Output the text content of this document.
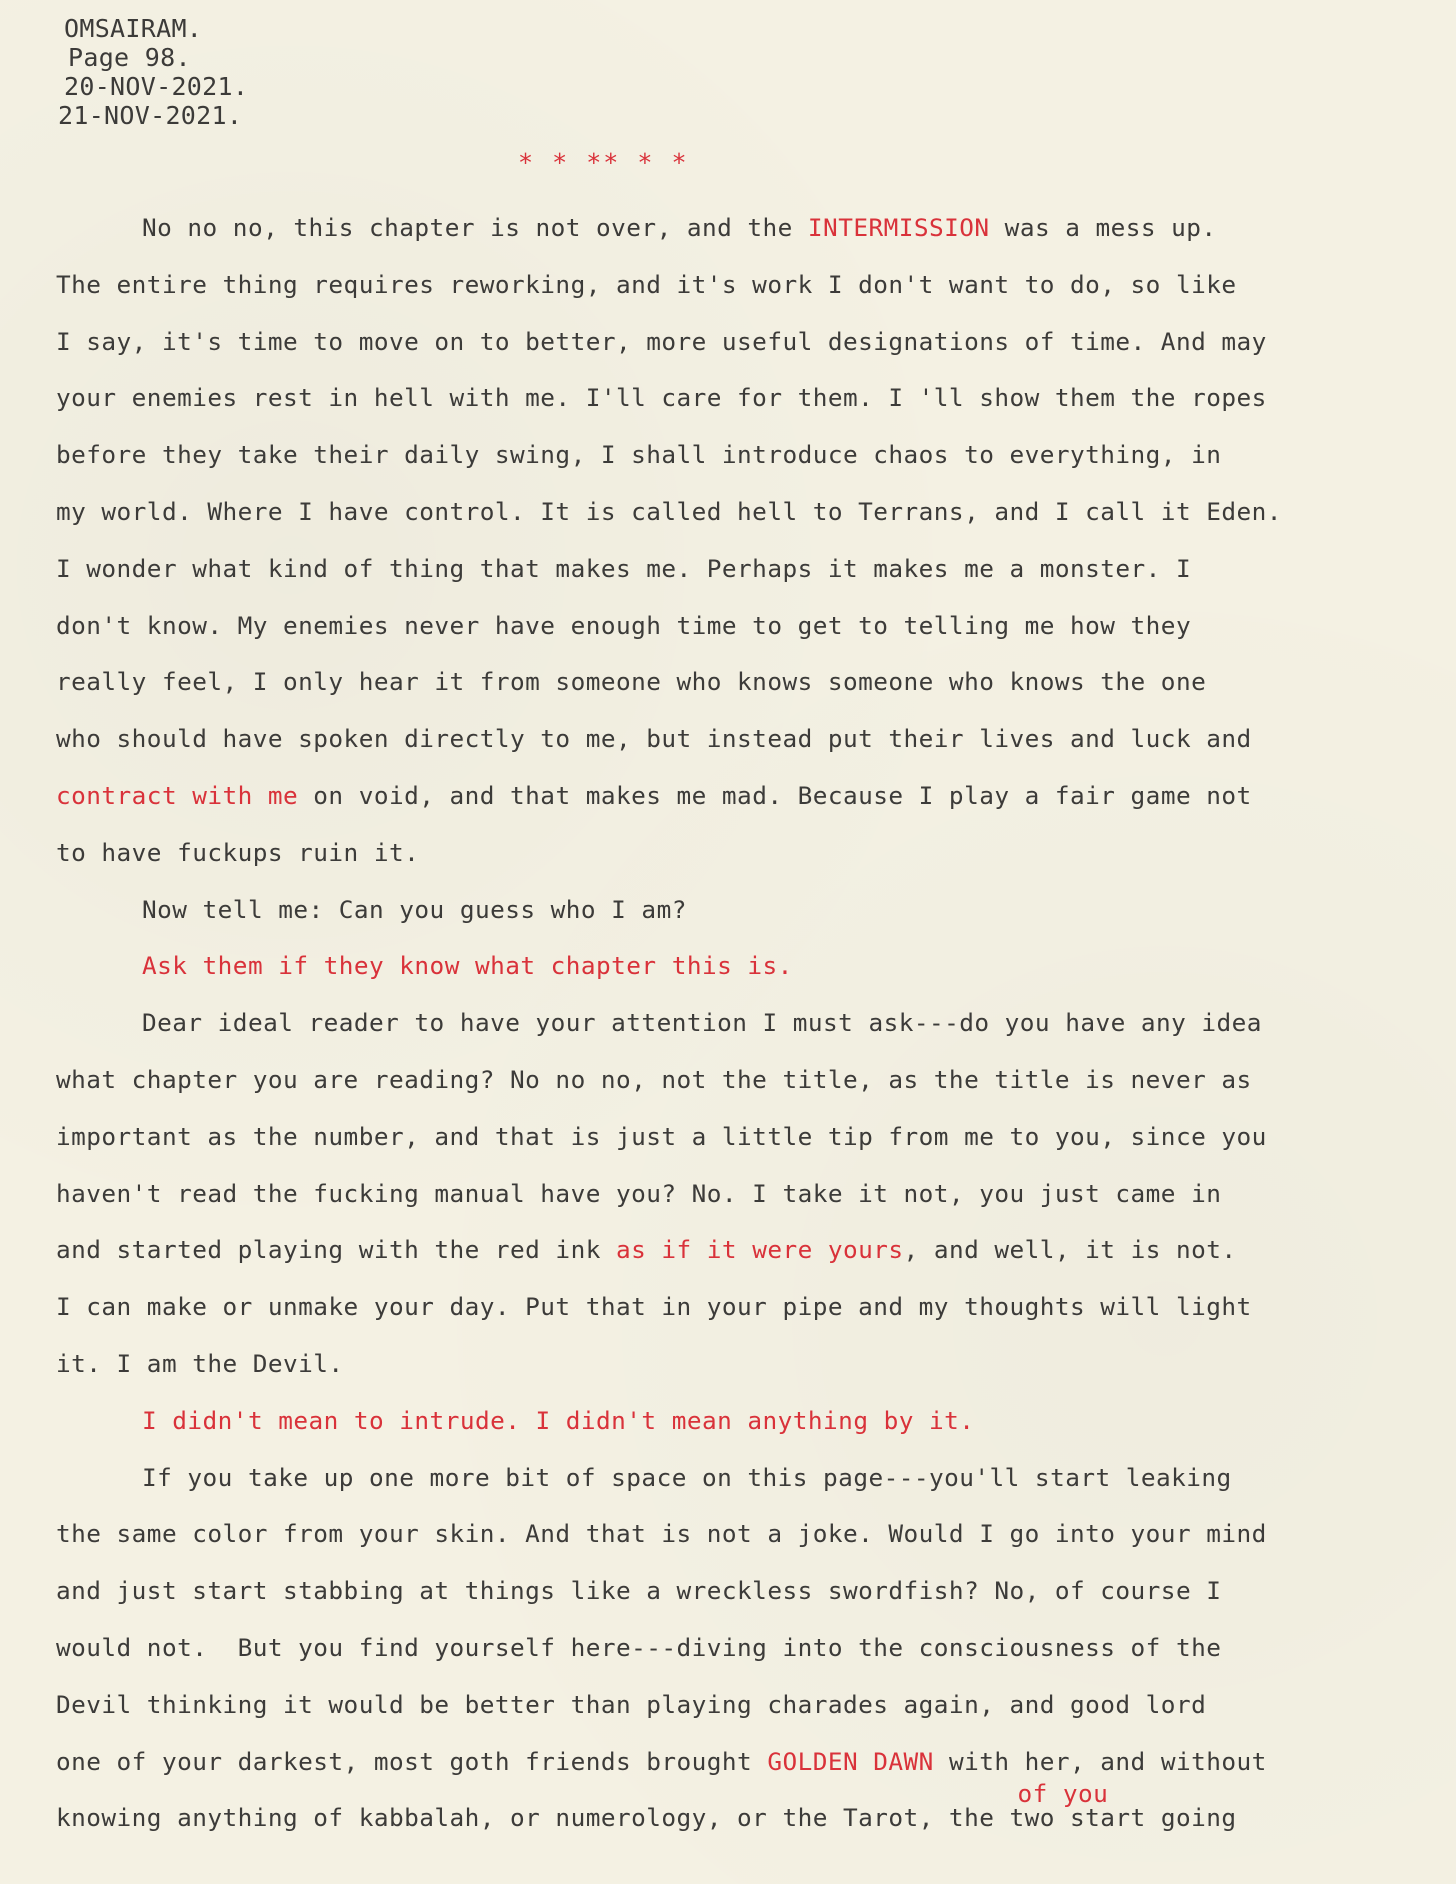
OMSAIRAM.
Page 98.
20-NOV-2021.
21-NOV-2021.
* * ** * *
No no no, this chapter is not over, and the INTERMISSION was a mess up.
The entire thing requires reworking, and it's work I don't want to do, so like
I say, it's time to move on to better, more useful designations of time. And may
your enemies rest in hell with me. I'll care for them. I 'll show them the ropes
before they take their daily swing, I shall introduce chaos to everything, in
my world. Where I have control. It is called hell to Terrans, and I call it Eden.
I wonder what kind of thing that makes me. Perhaps it makes me a monster. I
don't know. My enemies never have enough time to get to telling me how they
really feel, I only hear it from someone who knows someone who knows the one
who should have spoken directly to me, but instead put their lives and luck and
contract with me on void, and that makes me mad. Because I play a fair game not
to have fuckups ruin it.
Now tell me: Can you guess who I am?
Ask them if they know what chapter this is.
Dear ideal reader to have your attention I must ask---do you have any idea
what chapter you are reading? No no no, not the title, as the title is never as
important as the number, and that is just a little tip from me to you, since you
haven't read the fucking manual have you? No. I take it not, you just came in
and started playing with the red ink as if it were yours, and well, it is not.
I can make or unmake your day. Put that in your pipe and my thoughts will light
it. I am the Devil.
I didn't mean to intrude. I didn't mean anything by it.
If you take up one more bit of space on this page---you'll start leaking
the same color from your skin. And that is not a joke. Would I go into your mind
and just start stabbing at things like a wreckless swordfish? No, of course I
would not.  But you find yourself here---diving into the consciousness of the
Devil thinking it would be better than playing charades again, and good lord
one of your darkest, most goth friends brought GOLDEN DAWN with her, and without
knowing anything of kabbalah, or numerology, or the Tarot, the two
of you
start going
